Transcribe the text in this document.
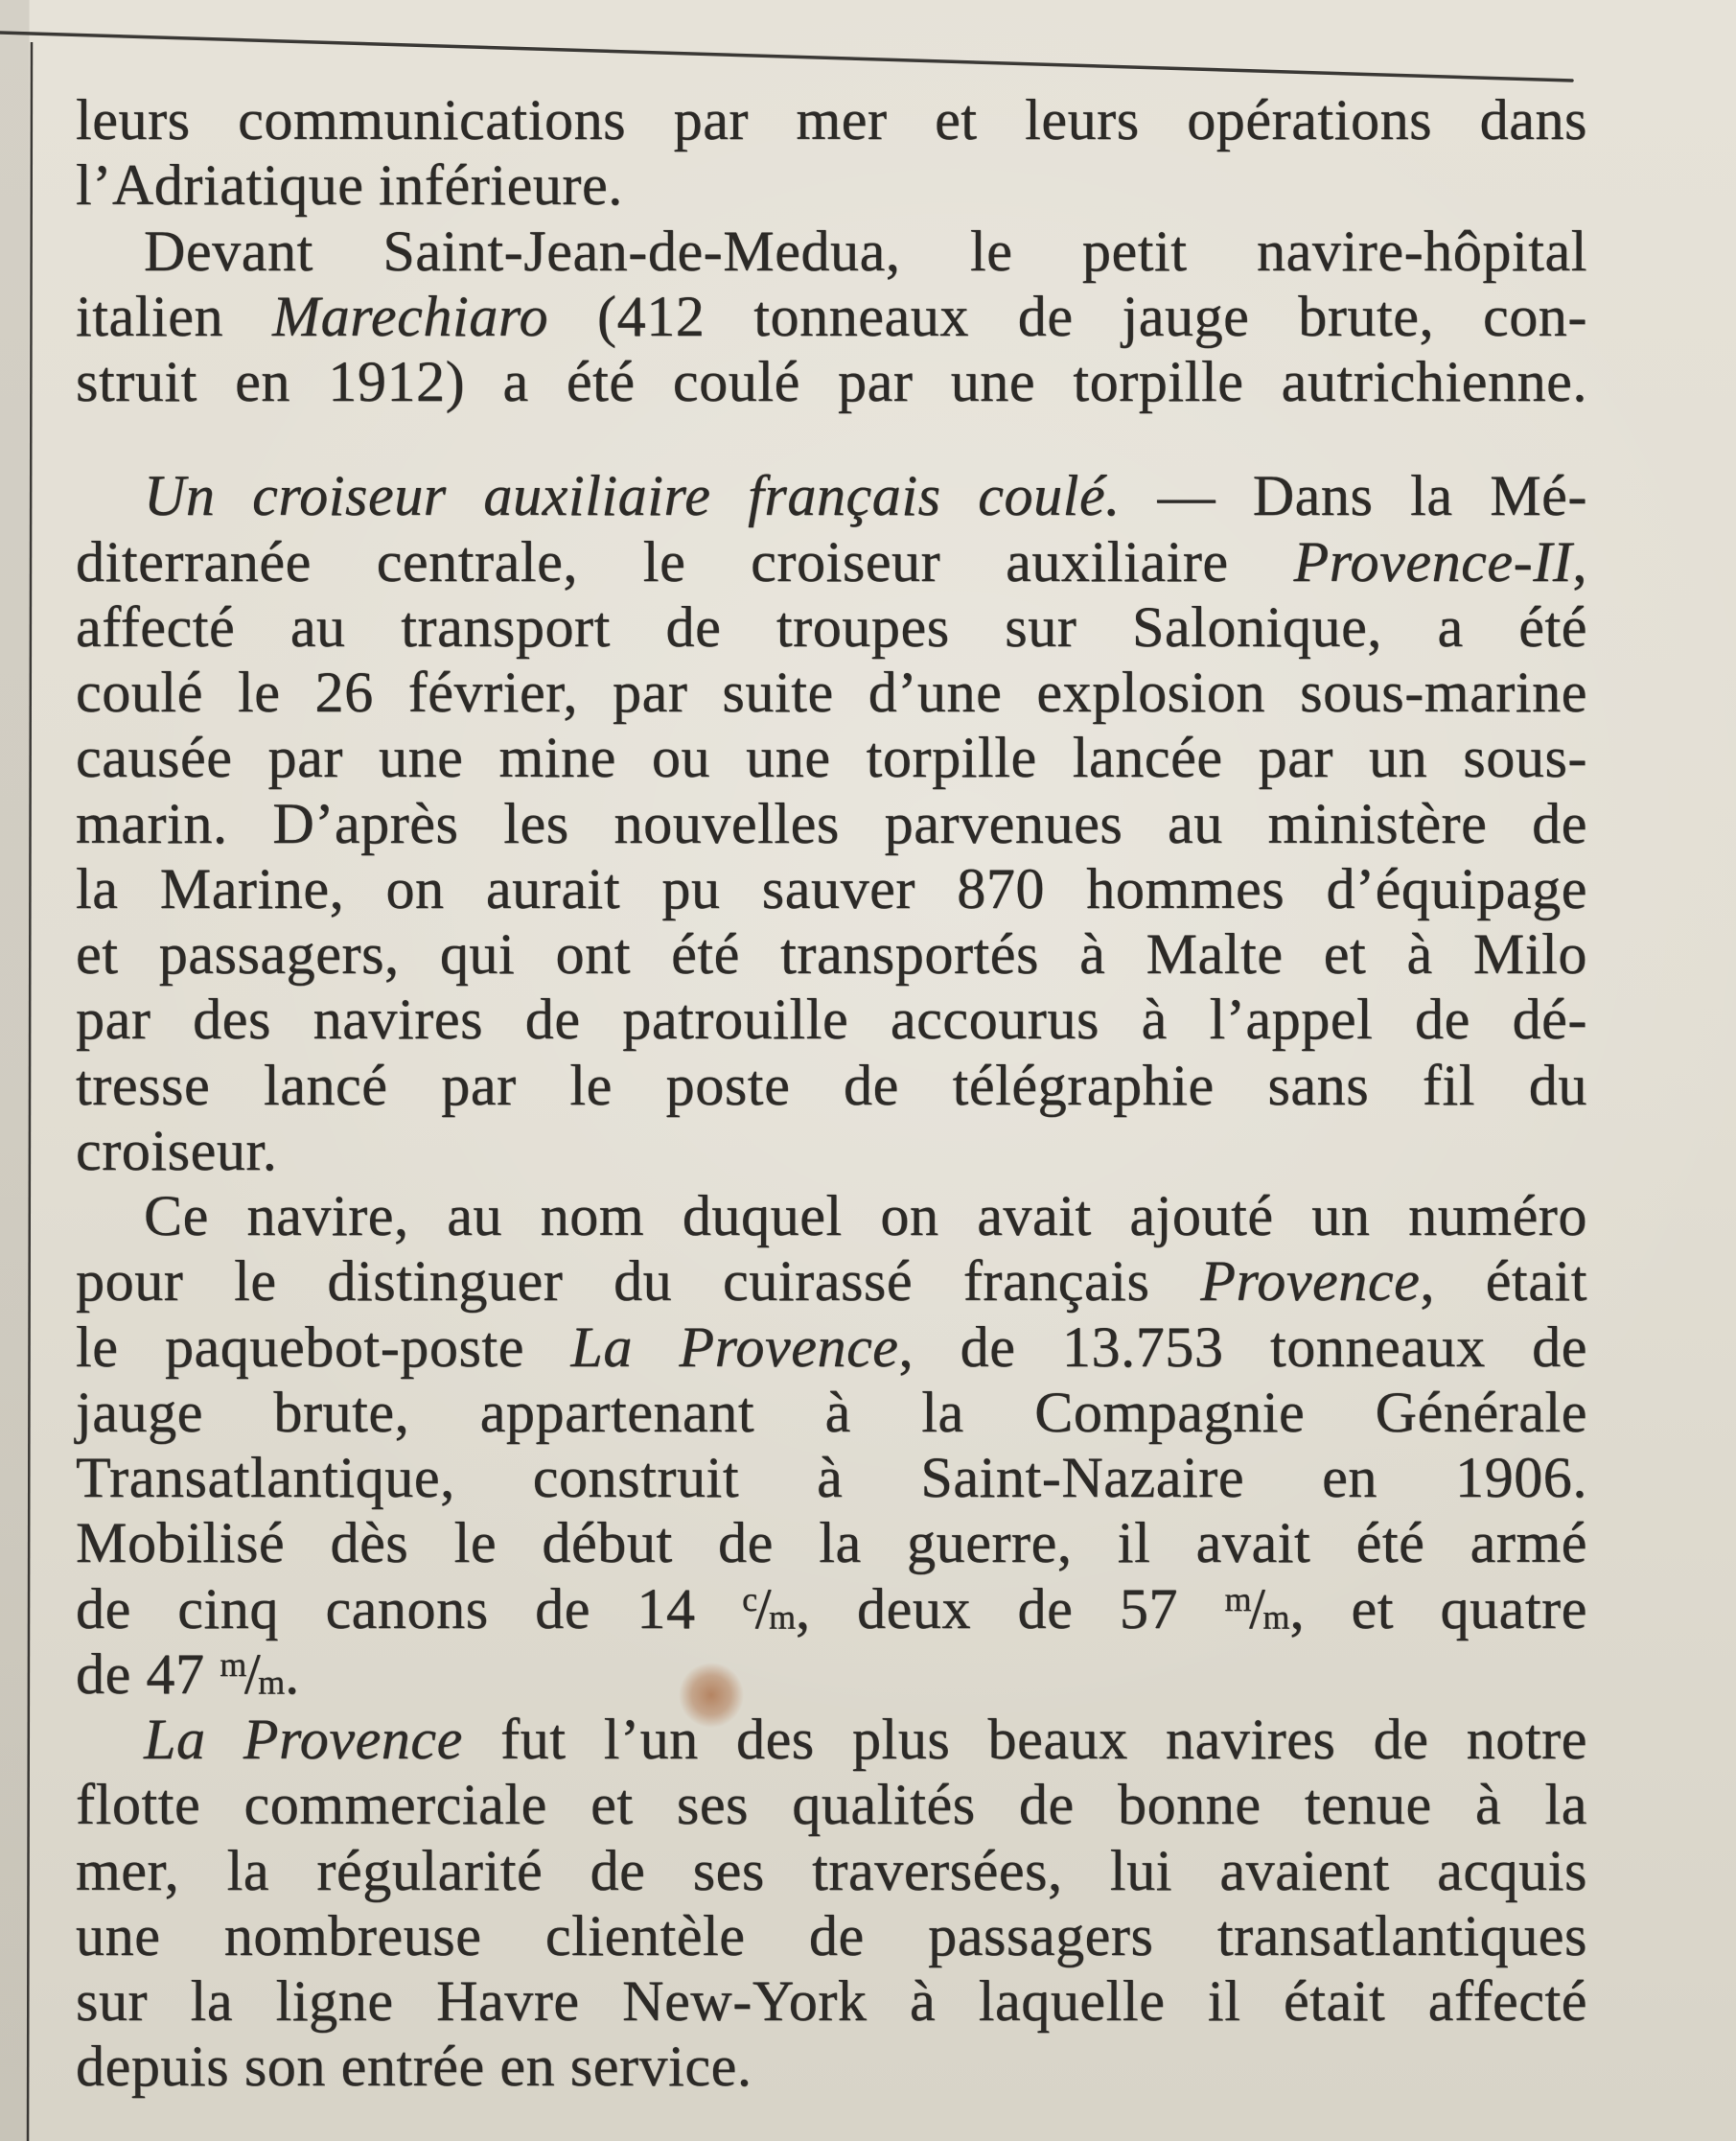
leurs communications par mer et leurs opérations dans
l’Adriatique inférieure.
Devant Saint-Jean-de-Medua, le petit navire-hôpital
italien Marechiaro (412 tonneaux de jauge brute, con-
struit en 1912) a été coulé par une torpille autrichienne.
Un croiseur auxiliaire français coulé. — Dans la Mé-
diterranée centrale, le croiseur auxiliaire Provence-II,
affecté au transport de troupes sur Salonique, a été
coulé le 26 février, par suite d’une explosion sous-marine
causée par une mine ou une torpille lancée par un sous-
marin. D’après les nouvelles parvenues au ministère de
la Marine, on aurait pu sauver 870 hommes d’équipage
et passagers, qui ont été transportés à Malte et à Milo
par des navires de patrouille accourus à l’appel de dé-
tresse lancé par le poste de télégraphie sans fil du
croiseur.
Ce navire, au nom duquel on avait ajouté un numéro
pour le distinguer du cuirassé français Provence, était
le paquebot-poste La Provence, de 13.753 tonneaux de
jauge brute, appartenant à la Compagnie Générale
Transatlantique, construit à Saint-Nazaire en 1906.
Mobilisé dès le début de la guerre, il avait été armé
de cinq canons de 14 $^c/_m$, deux de 57 $^m/_m$, et quatre
de 47 $^m/_m$.
La Provence fut l’un des plus beaux navires de notre
flotte commerciale et ses qualités de bonne tenue à la
mer, la régularité de ses traversées, lui avaient acquis
une nombreuse clientèle de passagers transatlantiques
sur la ligne Havre New-York à laquelle il était affecté
depuis son entrée en service.
